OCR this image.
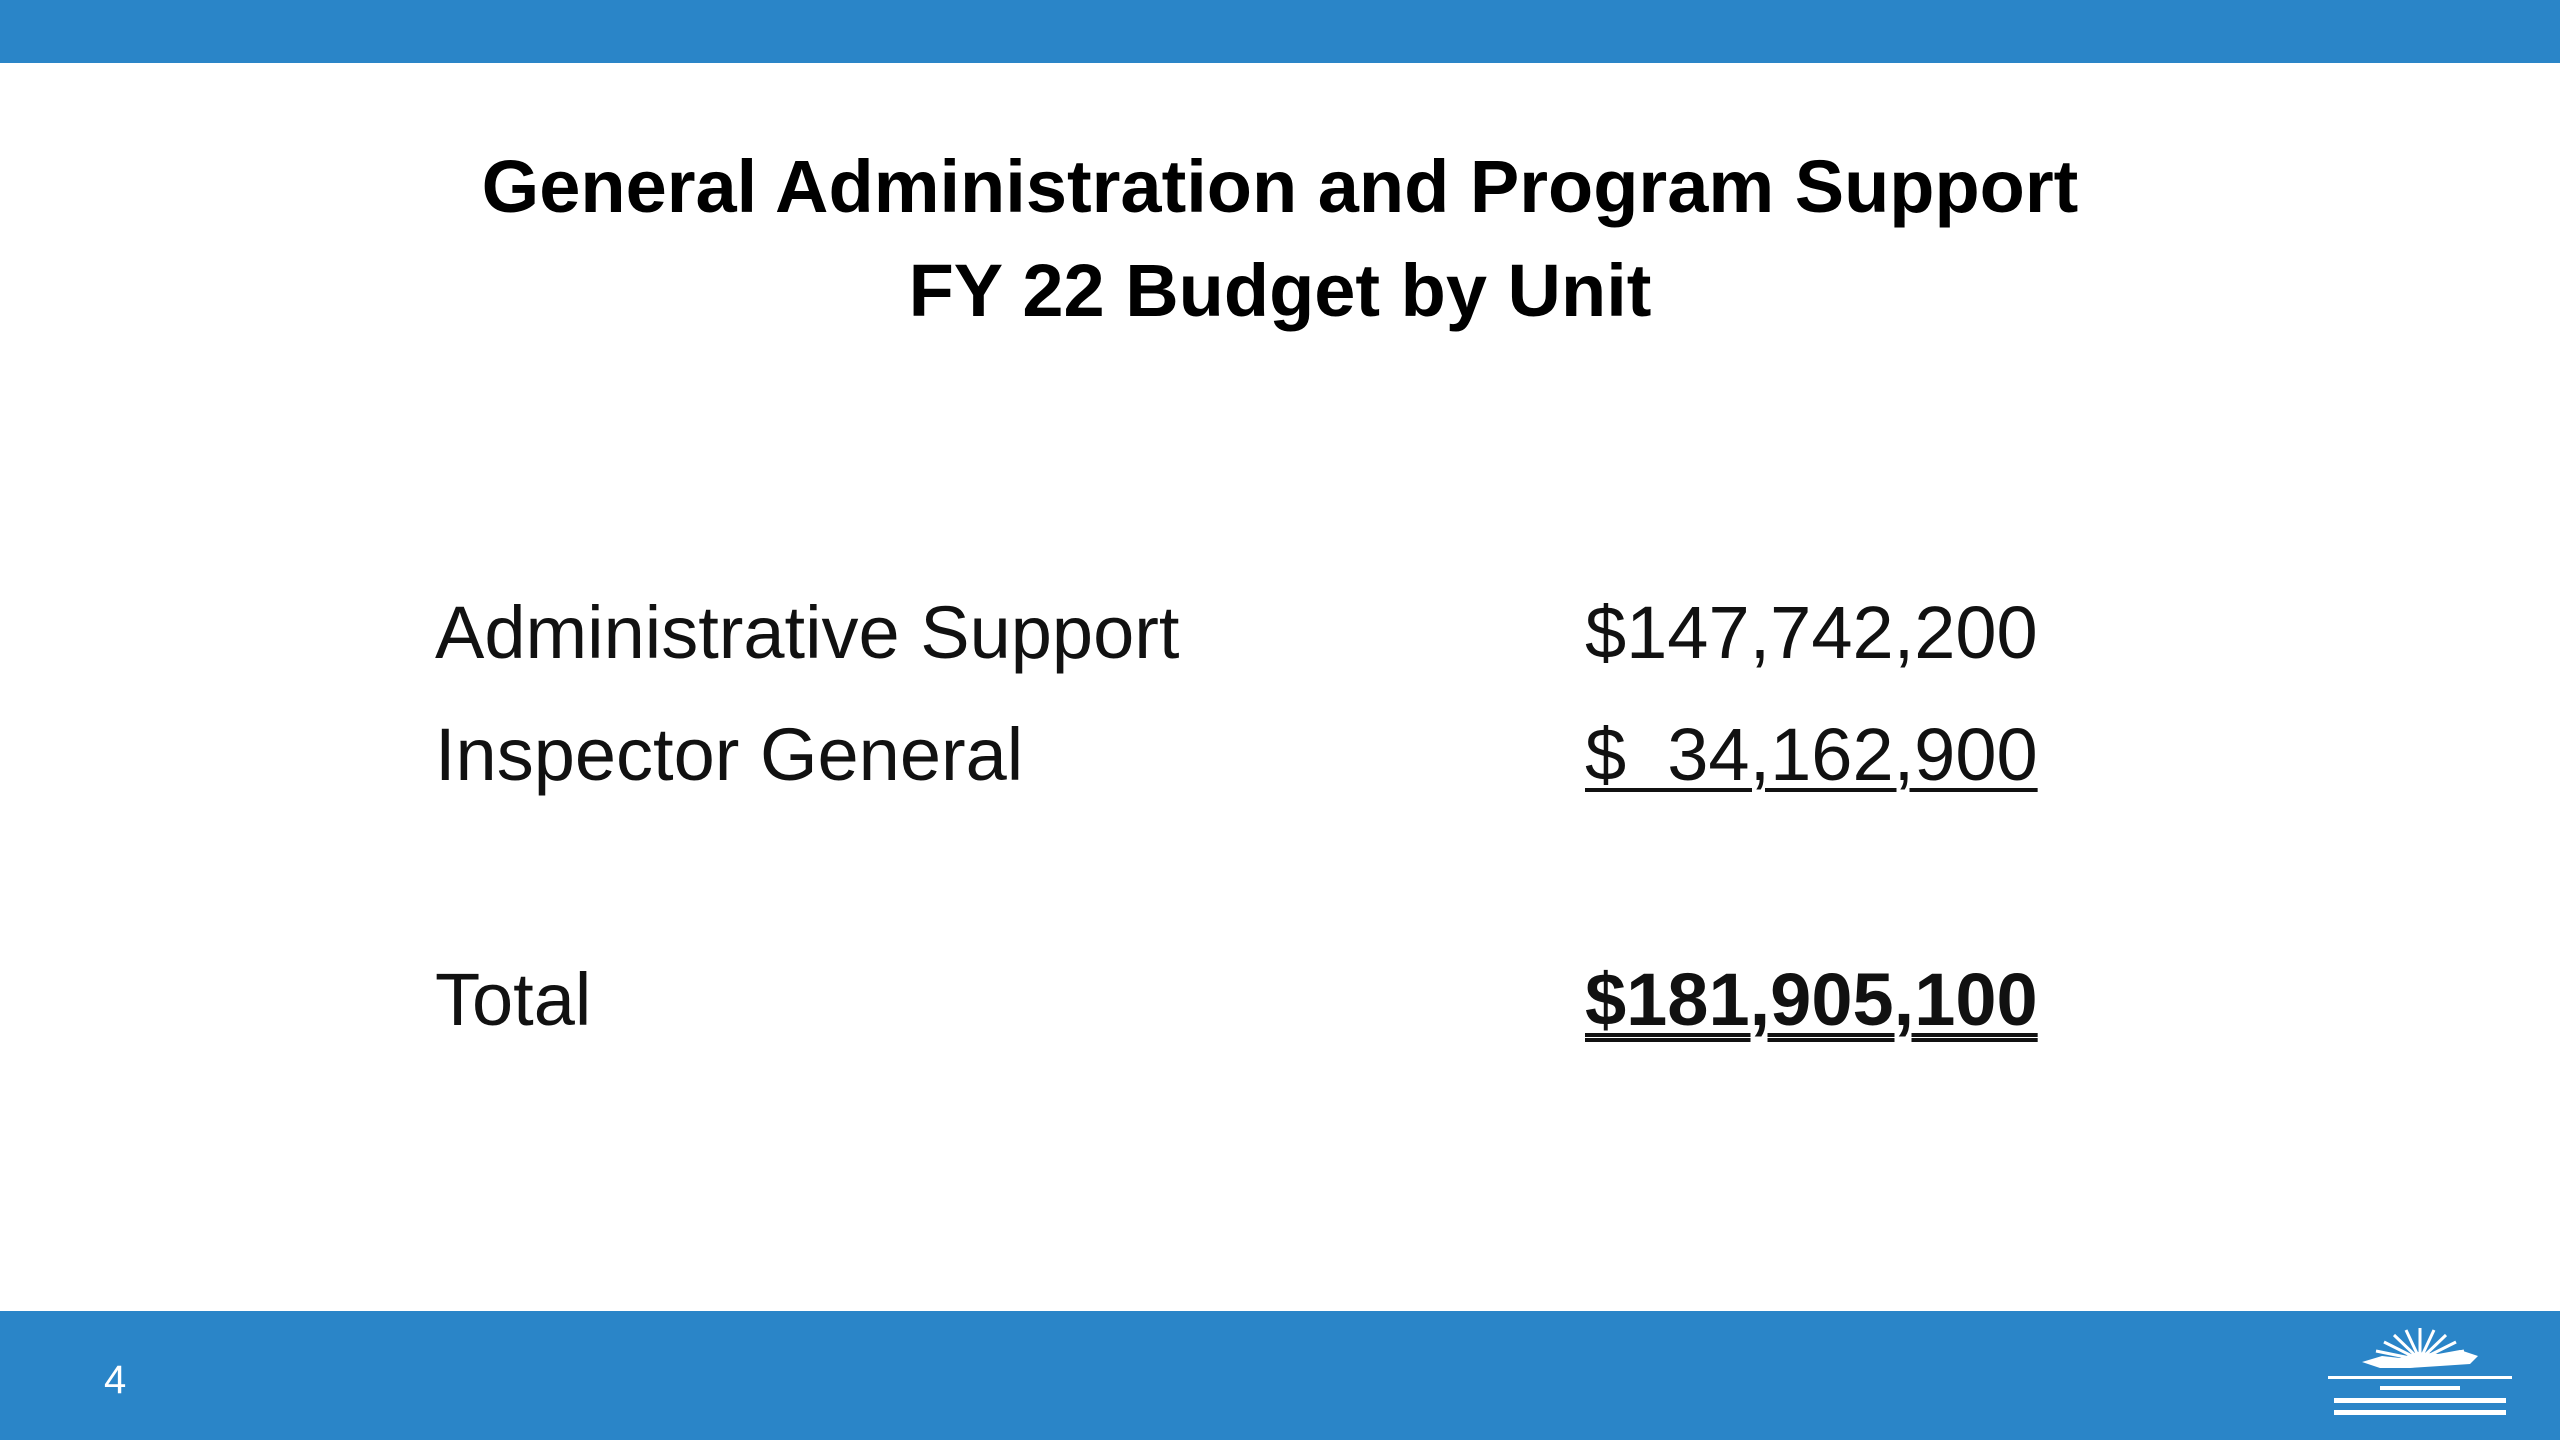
General Administration and Program Support
FY 22 Budget by Unit
Administrative Support	$147,742,200
Inspector General	$  34,162,900
Total	$181,905,100
4
